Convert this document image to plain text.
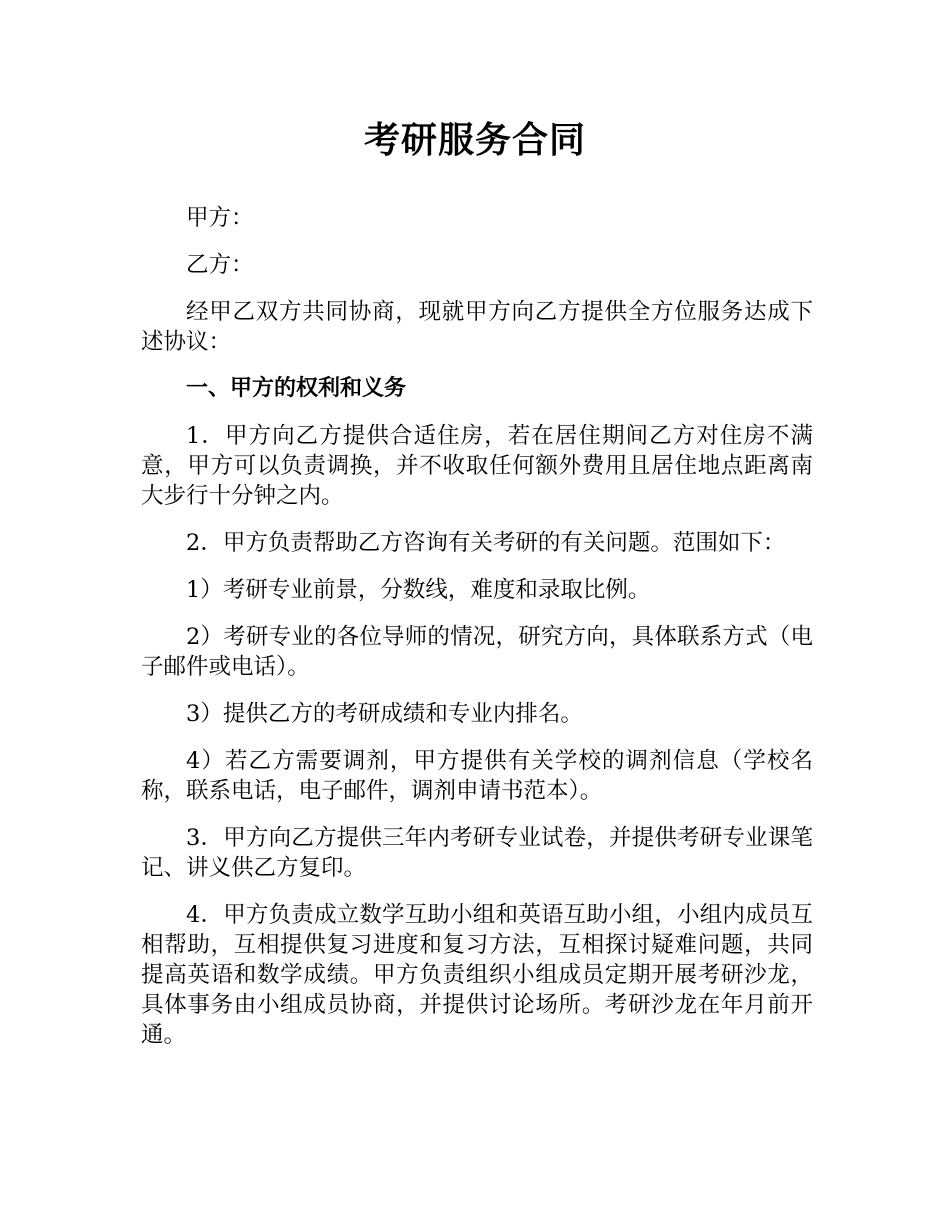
考研服务合同

甲方：

乙方：

经甲乙双方共同协商，现就甲方向乙方提供全方位服务达成下述协议：

一、甲方的权利和义务

1．甲方向乙方提供合适住房，若在居住期间乙方对住房不满意，甲方可以负责调换，并不收取任何额外费用且居住地点距离南大步行十分钟之内。

2．甲方负责帮助乙方咨询有关考研的有关问题。范围如下：

1）考研专业前景，分数线，难度和录取比例。

2）考研专业的各位导师的情况，研究方向，具体联系方式（电子邮件或电话）。

3）提供乙方的考研成绩和专业内排名。

4）若乙方需要调剂，甲方提供有关学校的调剂信息（学校名称，联系电话，电子邮件，调剂申请书范本）。

3．甲方向乙方提供三年内考研专业试卷，并提供考研专业课笔记、讲义供乙方复印。

4．甲方负责成立数学互助小组和英语互助小组，小组内成员互相帮助，互相提供复习进度和复习方法，互相探讨疑难问题，共同提高英语和数学成绩。甲方负责组织小组成员定期开展考研沙龙，具体事务由小组成员协商，并提供讨论场所。考研沙龙在年月前开通。
